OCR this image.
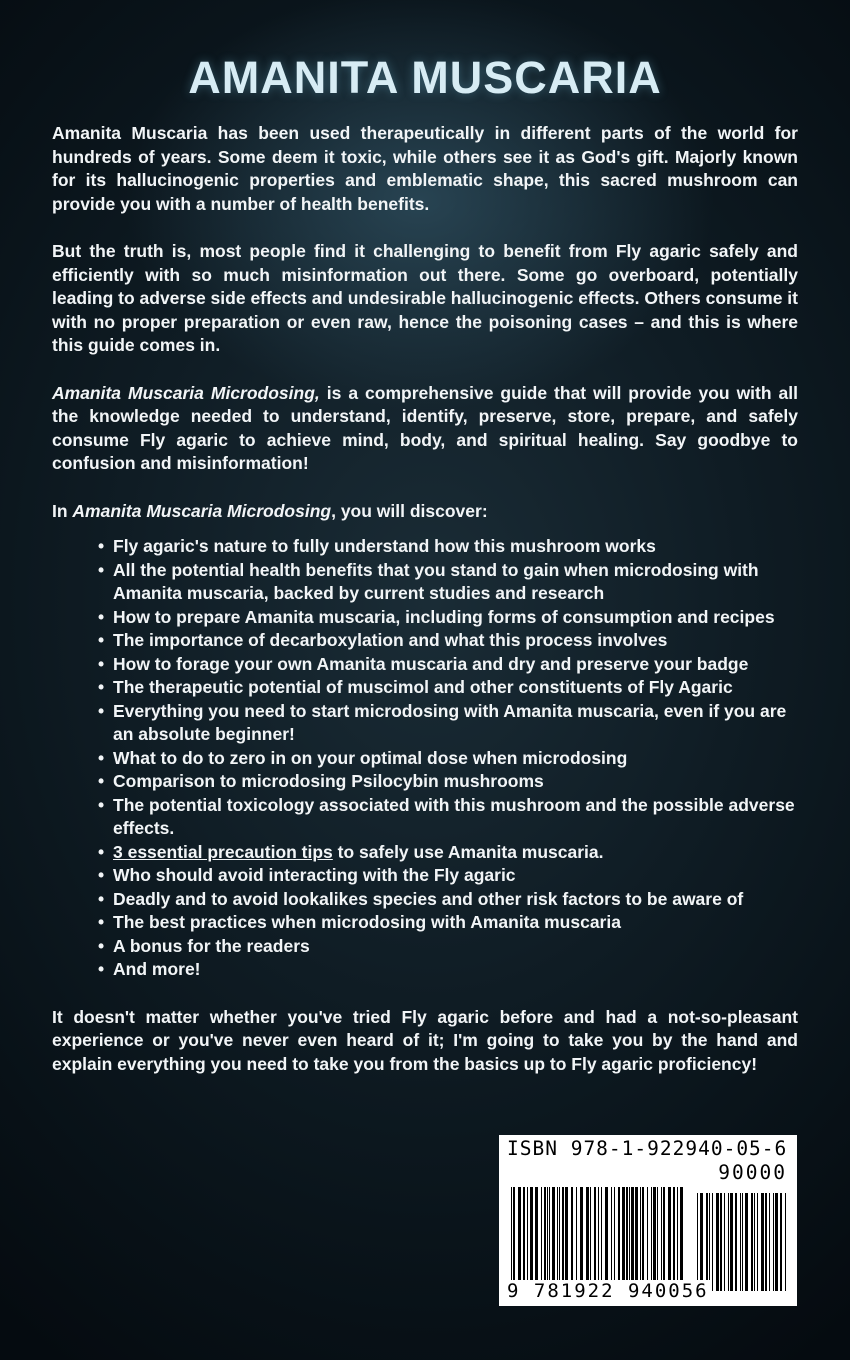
AMANITA MUSCARIA

Amanita Muscaria has been used therapeutically in different parts of the world for hundreds of years. Some deem it toxic, while others see it as God's gift. Majorly known for its hallucinogenic properties and emblematic shape, this sacred mushroom can provide you with a number of health benefits.

But the truth is, most people find it challenging to benefit from Fly agaric safely and efficiently with so much misinformation out there. Some go overboard, potentially leading to adverse side effects and undesirable hallucinogenic effects. Others consume it with no proper preparation or even raw, hence the poisoning cases – and this is where this guide comes in.

Amanita Muscaria Microdosing, is a comprehensive guide that will provide you with all the knowledge needed to understand, identify, preserve, store, prepare, and safely consume Fly agaric to achieve mind, body, and spiritual healing. Say goodbye to confusion and misinformation!

In Amanita Muscaria Microdosing, you will discover:

• Fly agaric's nature to fully understand how this mushroom works
• All the potential health benefits that you stand to gain when microdosing with Amanita muscaria, backed by current studies and research
• How to prepare Amanita muscaria, including forms of consumption and recipes
• The importance of decarboxylation and what this process involves
• How to forage your own Amanita muscaria and dry and preserve your badge
• The therapeutic potential of muscimol and other constituents of Fly Agaric
• Everything you need to start microdosing with Amanita muscaria, even if you are an absolute beginner!
• What to do to zero in on your optimal dose when microdosing
• Comparison to microdosing Psilocybin mushrooms
• The potential toxicology associated with this mushroom and the possible adverse effects.
• 3 essential precaution tips to safely use Amanita muscaria.
• Who should avoid interacting with the Fly agaric
• Deadly and to avoid lookalikes species and other risk factors to be aware of
• The best practices when microdosing with Amanita muscaria
• A bonus for the readers
• And more!

It doesn't matter whether you've tried Fly agaric before and had a not-so-pleasant experience or you've never even heard of it; I'm going to take you by the hand and explain everything you need to take you from the basics up to Fly agaric proficiency!

ISBN 978-1-922940-05-6
90000
9 781922 940056
